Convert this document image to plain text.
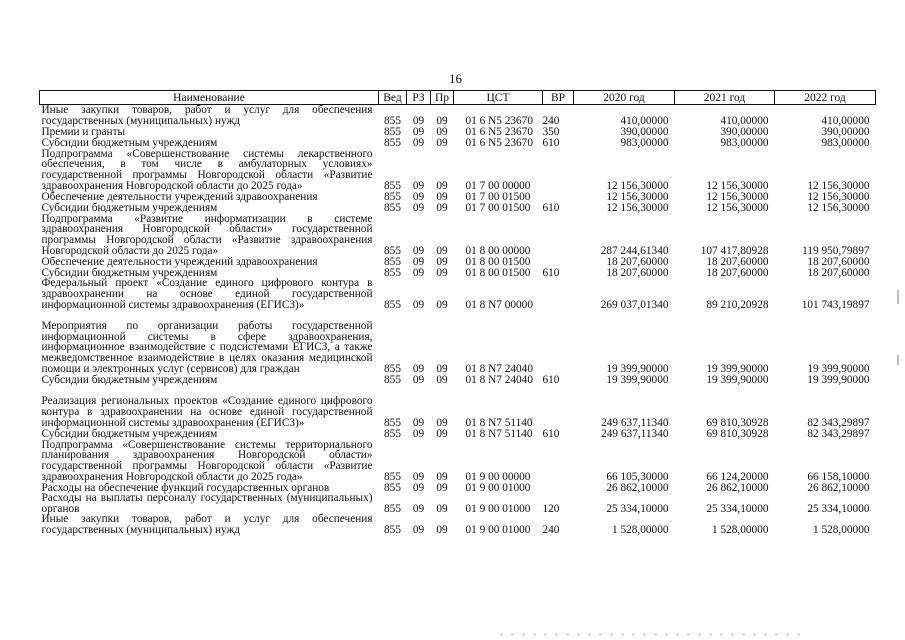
16
Наименование	Вед	РЗ	Пр	ЦСТ	ВР	2020 год	2021 год	2022 год
Иные закупки товаров, работ и услуг для обеспечения государственных (муниципальных) нужд	855	09	09	01 6 N5 23670	240	410,00000	410,00000	410,00000
Премии и гранты	855	09	09	01 6 N5 23670	350	390,00000	390,00000	390,00000
Субсидии бюджетным учреждениям	855	09	09	01 6 N5 23670	610	983,00000	983,00000	983,00000
Подпрограмма «Совершенствование системы лекарственного обеспечения, в том числе в амбулаторных условиях» государственной программы Новгородской области «Развитие здравоохранения Новгородской области до 2025 года»	855	09	09	01 7 00 00000		12 156,30000	12 156,30000	12 156,30000
Обеспечение деятельности учреждений здравоохранения	855	09	09	01 7 00 01500		12 156,30000	12 156,30000	12 156,30000
Субсидии бюджетным учреждениям	855	09	09	01 7 00 01500	610	12 156,30000	12 156,30000	12 156,30000
Подпрограмма «Развитие информатизации в системе здравоохранения Новгородской области» государственной программы Новгородской области «Развитие здравоохранения Новгородской области до 2025 года»	855	09	09	01 8 00 00000		287 244,61340	107 417,80928	119 950,79897
Обеспечение деятельности учреждений здравоохранения	855	09	09	01 8 00 01500		18 207,60000	18 207,60000	18 207,60000
Субсидии бюджетным учреждениям	855	09	09	01 8 00 01500	610	18 207,60000	18 207,60000	18 207,60000
Федеральный проект «Создание единого цифрового контура в здравоохранении на основе единой государственной информационной системы здравоохранения (ЕГИСЗ)»	855	09	09	01 8 N7 00000		269 037,01340	89 210,20928	101 743,19897
Мероприятия по организации работы государственной информационной системы в сфере здравоохранения, информационное взаимодействие с подсистемами ЕГИСЗ, а также межведомственное взаимодействие в целях оказания медицинской помощи и электронных услуг (сервисов) для граждан	855	09	09	01 8 N7 24040		19 399,90000	19 399,90000	19 399,90000
Субсидии бюджетным учреждениям	855	09	09	01 8 N7 24040	610	19 399,90000	19 399,90000	19 399,90000
Реализация региональных проектов «Создание единого цифрового контура в здравоохранении на основе единой государственной информационной системы здравоохранения (ЕГИСЗ)»	855	09	09	01 8 N7 51140		249 637,11340	69 810,30928	82 343,29897
Субсидии бюджетным учреждениям	855	09	09	01 8 N7 51140	610	249 637,11340	69 810,30928	82 343,29897
Подпрограмма «Совершенствование системы территориального планирования здравоохранения Новгородской области» государственной программы Новгородской области «Развитие здравоохранения Новгородской области до 2025 года»	855	09	09	01 9 00 00000		66 105,30000	66 124,20000	66 158,10000
Расходы на обеспечение функций государственных органов	855	09	09	01 9 00 01000		26 862,10000	26 862,10000	26 862,10000
Расходы на выплаты персоналу государственных (муниципальных) органов	855	09	09	01 9 00 01000	120	25 334,10000	25 334,10000	25 334,10000
Иные закупки товаров, работ и услуг для обеспечения государственных (муниципальных) нужд	855	09	09	01 9 00 01000	240	1 528,00000	1 528,00000	1 528,00000
